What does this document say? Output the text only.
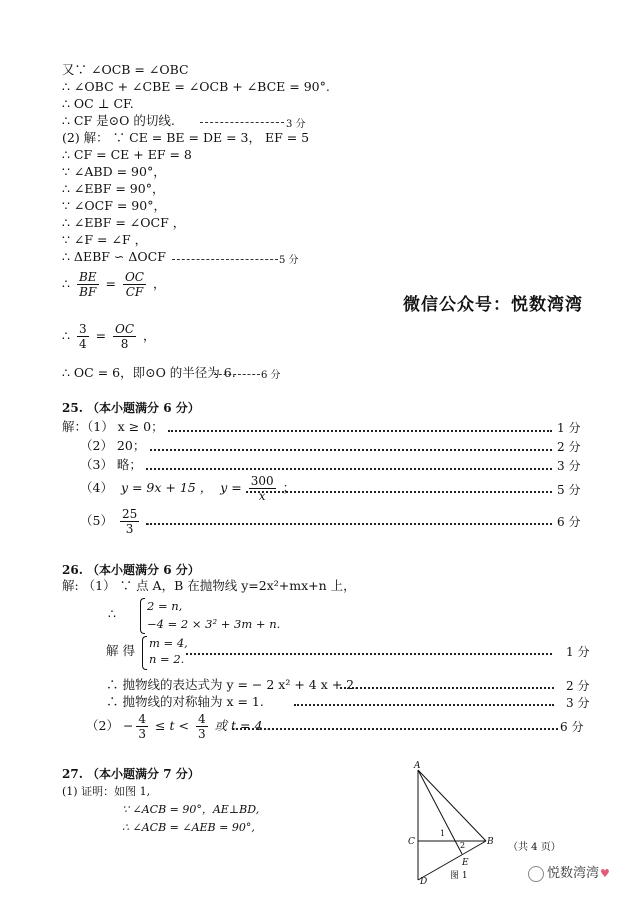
又∵ ∠OCB = ∠OBC
∴ ∠OBC + ∠CBE = ∠OCB + ∠BCE = 90°.
∴ OC ⊥ CF.
∴ CF 是⊙O 的切线.	3 分
(2) 解： ∵ CE = BE = DE = 3， EF = 5
∴ CF = CE + EF = 8
∵ ∠ABD = 90°，
∴ ∠EBF = 90°，
∵ ∠OCF = 90°，
∴ ∠EBF = ∠OCF ，
∵ ∠F = ∠F ，
∴ ΔEBF ∽ ΔOCF	5 分
∴ $\frac{BE}{BF} = \frac{OC}{CF}$ ，
微信公众号：悦数湾湾
∴ $\frac{3}{4} = \frac{OC}{8}$ ，
∴ OC = 6，即⊙O 的半径为 6.	6 分
25. （本小题满分 6 分）
解：（1） x ≥ 0；	1 分
（2） 20；	2 分
（3） 略；	3 分
（4） y = 9x + 15 ， $y = \frac{300}{x}$ ；	5 分
$(5) \frac{25}{3}$ .	6 分
26. （本小题满分 6 分）
解: （1） ∵ 点 A，B 在抛物线 y=2x²+mx+n 上，
∴	2 = n,
−4 = 2 × 3² + 3m + n.
解 得 m = 4,
n = 2.	1 分
∴ 抛物线的表达式为 y = − 2 x² + 4 x + 2.	2 分
∴ 抛物线的对称轴为 x = 1.	3 分
$(2) - \frac{4}{3} \le t < \frac{4}{3}$ 或 t = 4 .	6 分
27. （本小题满分 7 分）
(1) 证明：如图 1,
∵ ∠ACB = 90°，AE⊥BD,
∴ ∠ACB = ∠AEB = 90°,
A
C
D
E
B
1
2
图 1
（共 4 页）
悦数湾湾♥
